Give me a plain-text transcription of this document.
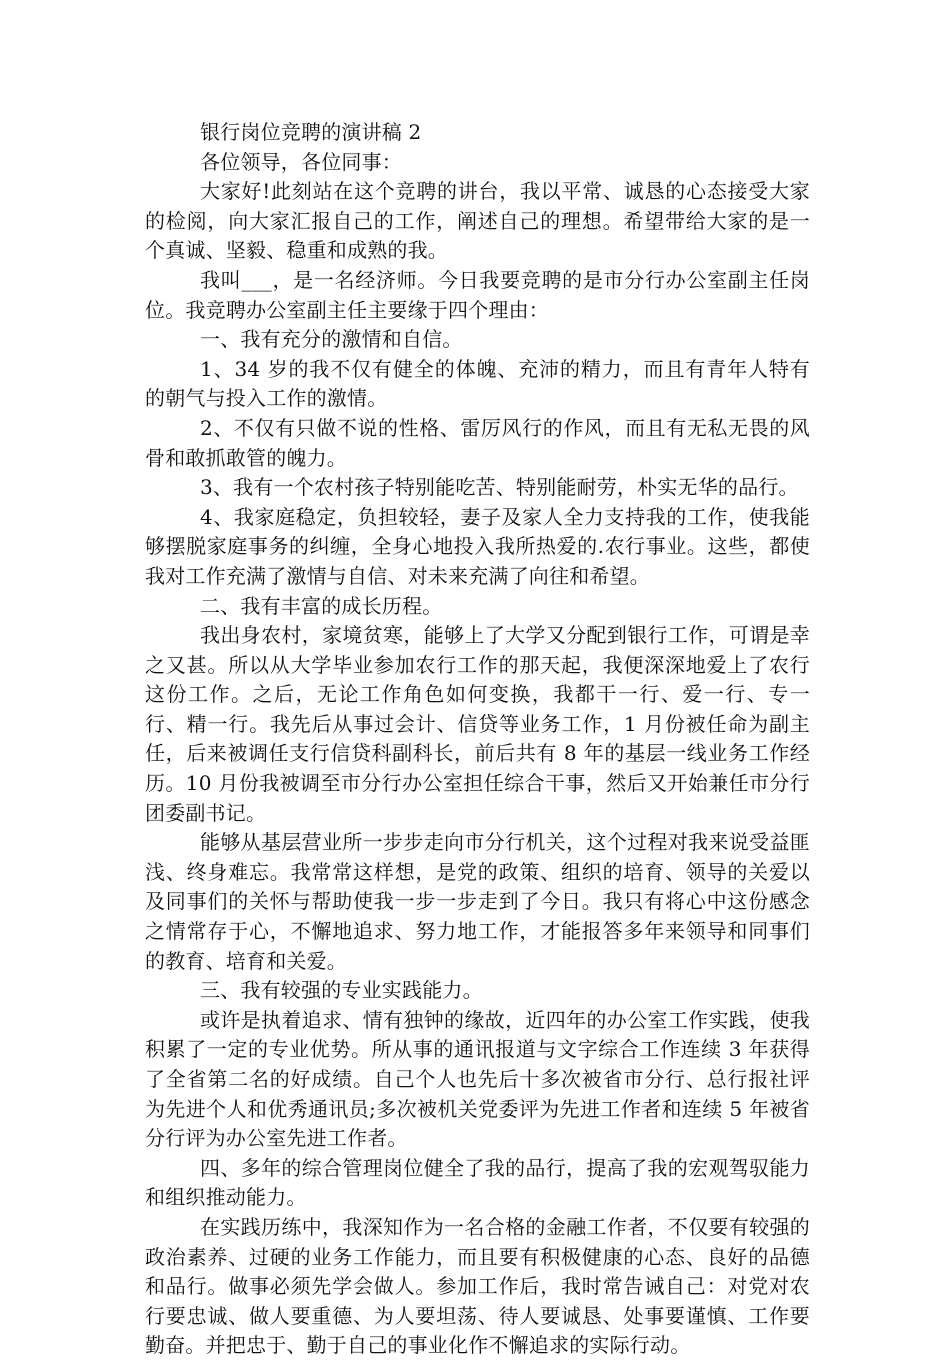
银行岗位竞聘的演讲稿 2

各位领导，各位同事：

大家好!此刻站在这个竞聘的讲台，我以平常、诚恳的心态接受大家的检阅，向大家汇报自己的工作，阐述自己的理想。希望带给大家的是一个真诚、坚毅、稳重和成熟的我。

我叫___，是一名经济师。今日我要竞聘的是市分行办公室副主任岗位。我竞聘办公室副主任主要缘于四个理由：

一、我有充分的激情和自信。

1、34 岁的我不仅有健全的体魄、充沛的精力，而且有青年人特有的朝气与投入工作的激情。

2、不仅有只做不说的性格、雷厉风行的作风，而且有无私无畏的风骨和敢抓敢管的魄力。

3、我有一个农村孩子特别能吃苦、特别能耐劳，朴实无华的品行。

4、我家庭稳定，负担较轻，妻子及家人全力支持我的工作，使我能够摆脱家庭事务的纠缠，全身心地投入我所热爱的.农行事业。这些，都使我对工作充满了激情与自信、对未来充满了向往和希望。

二、我有丰富的成长历程。

我出身农村，家境贫寒，能够上了大学又分配到银行工作，可谓是幸之又甚。所以从大学毕业参加农行工作的那天起，我便深深地爱上了农行这份工作。之后，无论工作角色如何变换，我都干一行、爱一行、专一行、精一行。我先后从事过会计、信贷等业务工作，1 月份被任命为副主任，后来被调任支行信贷科副科长，前后共有 8 年的基层一线业务工作经历。10 月份我被调至市分行办公室担任综合干事，然后又开始兼任市分行团委副书记。

能够从基层营业所一步步走向市分行机关，这个过程对我来说受益匪浅、终身难忘。我常常这样想，是党的政策、组织的培育、领导的关爱以及同事们的关怀与帮助使我一步一步走到了今日。我只有将心中这份感念之情常存于心，不懈地追求、努力地工作，才能报答多年来领导和同事们的教育、培育和关爱。

三、我有较强的专业实践能力。

或许是执着追求、情有独钟的缘故，近四年的办公室工作实践，使我积累了一定的专业优势。所从事的通讯报道与文字综合工作连续 3 年获得了全省第二名的好成绩。自己个人也先后十多次被省市分行、总行报社评为先进个人和优秀通讯员;多次被机关党委评为先进工作者和连续 5 年被省分行评为办公室先进工作者。

四、多年的综合管理岗位健全了我的品行，提高了我的宏观驾驭能力和组织推动能力。

在实践历练中，我深知作为一名合格的金融工作者，不仅要有较强的政治素养、过硬的业务工作能力，而且要有积极健康的心态、良好的品德和品行。做事必须先学会做人。参加工作后，我时常告诫自己：对党对农行要忠诚、做人要重德、为人要坦荡、待人要诚恳、处事要谨慎、工作要勤奋。并把忠于、勤于自己的事业化作不懈追求的实际行动。
